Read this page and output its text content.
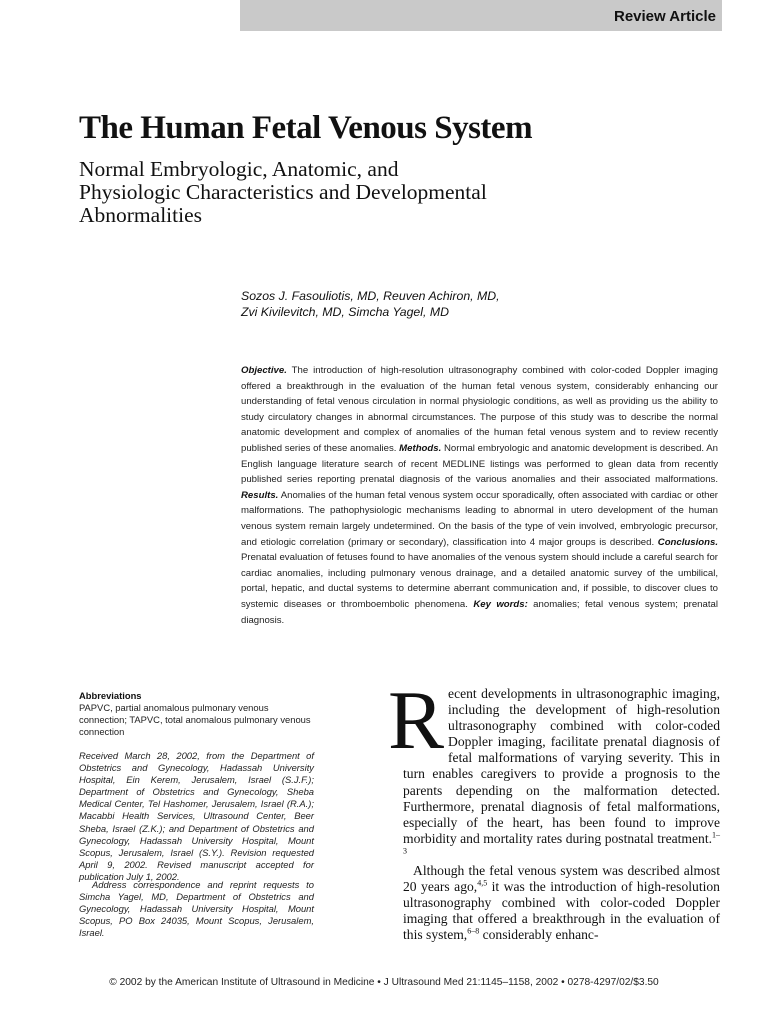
Review Article
The Human Fetal Venous System
Normal Embryologic, Anatomic, and Physiologic Characteristics and Developmental Abnormalities
Sozos J. Fasouliotis, MD, Reuven Achiron, MD,
Zvi Kivilevitch, MD, Simcha Yagel, MD

Objective. The introduction of high-resolution ultrasonography combined with color-coded Doppler imaging offered a breakthrough in the evaluation of the human fetal venous system, considerably enhancing our understanding of fetal venous circulation in normal physiologic conditions, as well as providing us the ability to study circulatory changes in abnormal circumstances. The purpose of this study was to describe the normal anatomic development and complex of anomalies of the human fetal venous system and to review recently published series of these anomalies. Methods. Normal embryologic and anatomic development is described. An English language literature search of recent MEDLINE listings was performed to glean data from recently published series reporting prenatal diagnosis of the various anomalies and their associated malformations. Results. Anomalies of the human fetal venous system occur sporadically, often associated with cardiac or other malformations. The pathophysiologic mechanisms leading to abnormal in utero development of the human venous system remain largely undetermined. On the basis of the type of vein involved, embryologic precursor, and etiologic correlation (primary or secondary), classification into 4 major groups is described. Conclusions. Prenatal evaluation of fetuses found to have anomalies of the venous system should include a careful search for cardiac anomalies, including pulmonary venous drainage, and a detailed anatomic survey of the umbilical, portal, hepatic, and ductal systems to determine aberrant communication and, if possible, to discover clues to systemic diseases or thromboembolic phenomena. Key words: anomalies; fetal venous system; prenatal diagnosis.

Abbreviations

PAPVC, partial anomalous pulmonary venous connection; TAPVC, total anomalous pulmonary venous connection

Received March 28, 2002, from the Department of Obstetrics and Gynecology, Hadassah University Hospital, Ein Kerem, Jerusalem, Israel (S.J.F.); Department of Obstetrics and Gynecology, Sheba Medical Center, Tel Hashomer, Jerusalem, Israel (R.A.); Macabbi Health Services, Ultrasound Center, Beer Sheba, Israel (Z.K.); and Department of Obstetrics and Gynecology, Hadassah University Hospital, Mount Scopus, Jerusalem, Israel (S.Y.). Revision requested April 9, 2002. Revised manuscript accepted for publication July 1, 2002.

Address correspondence and reprint requests to Simcha Yagel, MD, Department of Obstetrics and Gynecology, Hadassah University Hospital, Mount Scopus, PO Box 24035, Mount Scopus, Jerusalem, Israel.

Recent developments in ultrasonographic imaging, including the development of high-resolution ultrasonography combined with color-coded Doppler imaging, facilitate prenatal diagnosis of fetal malformations of varying severity. This in turn enables caregivers to provide a prognosis to the parents depending on the malformation detected. Furthermore, prenatal diagnosis of fetal malformations, especially of the heart, has been found to improve morbidity and mortality rates during postnatal treatment.$^{1-3}$

Although the fetal venous system was described almost 20 years ago,$^{4,5}$ it was the introduction of high-resolution ultrasonography combined with color-coded Doppler imaging that offered a breakthrough in the evaluation of this system,$^{6-8}$ considerably enhanc-

© 2002 by the American Institute of Ultrasound in Medicine • J Ultrasound Med 21:1145–1158, 2002 • 0278-4297/02/$3.50
